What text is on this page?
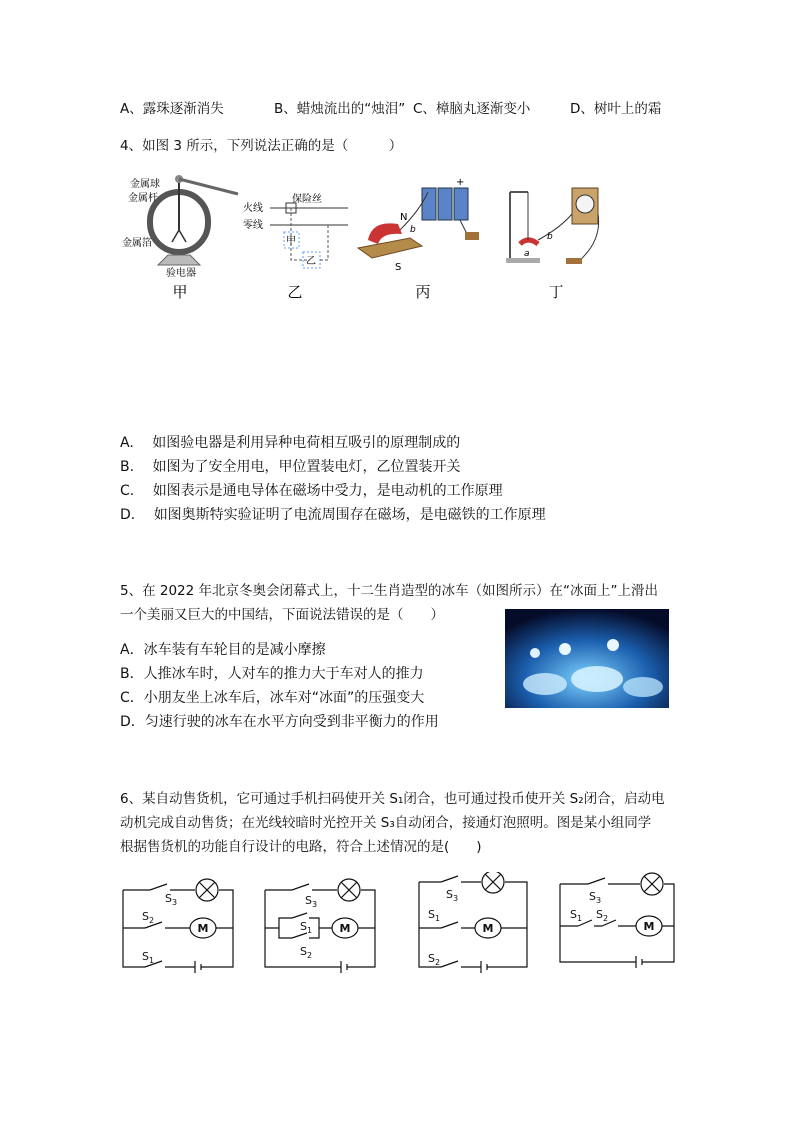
A、露珠逐渐消失	B、蜡烛流出的“烛泪” C、樟脑丸逐渐变小	D、树叶上的霜
4、如图 3 所示，下列说法正确的是（　　　）
金属球
金属杆
金属箔
验电器
甲
保险丝
火线
零线
甲
乙
乙
N
S
b
+
丙
a
b
丁
A. 如图验电器是利用异种电荷相互吸引的原理制成的
B. 如图为了安全用电，甲位置装电灯，乙位置装开关
C. 如图表示是通电导体在磁场中受力，是电动机的工作原理
D. 如图奥斯特实验证明了电流周围存在磁场，是电磁铁的工作原理
5、在 2022 年北京冬奥会闭幕式上，十二生肖造型的冰车（如图所示）在“冰面上”上滑出
一个美丽又巨大的中国结，下面说法错误的是（　　）
A．冰车装有车轮目的是减小摩擦
B．人推冰车时，人对车的推力大于车对人的推力
C．小朋友坐上冰车后，冰车对“冰面”的压强变大
D．匀速行驶的冰车在水平方向受到非平衡力的作用
6、某自动售货机，它可通过手机扫码使开关 S₁闭合，也可通过投币使开关 S₂闭合，启动电
动机完成自动售货；在光线较暗时光控开关 S₃自动闭合，接通灯泡照明。图是某小组同学
根据售货机的功能自行设计的电路，符合上述情况的是(　　)
$S_3$
$S_2$
$S_1$
M
$S_3$
$S_1$
$S_2$
M
$S_3$
$S_1$
$S_2$
M
$S_3$
$S_1$ $S_2$
M
